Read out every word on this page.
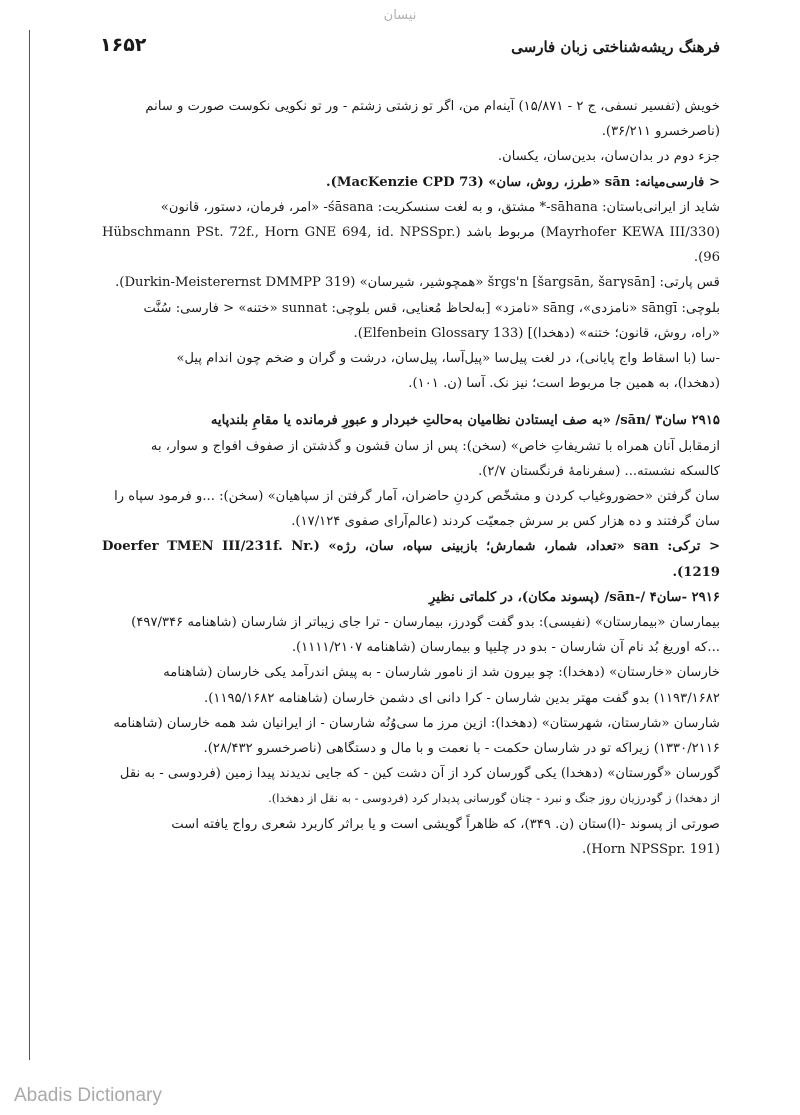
نیسان
فرهنگ ریشه‌شناختی زبان فارسی
۱۶۵۲
خویش (تفسیر نسفی، ج ۲ - ۱۵/۸۷۱) آینه‌ام من، اگر تو زشتی زشتم - ور تو نکویی نکوست صورت و سانم
(ناصرخسرو ۳۶/۲۱۱).
جزء دوم در بدان‌سان، بدین‌سان، یکسان.
< فارسی‌میانه: sān «طرز، روش، سان» (MacKenzie CPD 73).
شاید از ایرانی‌باستان: sāhana-* مشتق، و به لغت سنسکریت: śāsana- «امر، فرمان، دستور، قانون»
(Mayrhofer KEWA III/330) مربوط باشد (Hübschmann PSt. 72f., Horn GNE 694, id. NPSSpr. 96).
قس پارتی: šrgs'n [šargsān, šarγsān] «همچوشیر، شیرسان» (Durkin-Meisterernst DMMPP 319).
بلوچی: sāngī «نامزدی»، sāng «نامزد» [به‌لحاظ مُعنایی، قس بلوچی: sunnat «ختنه» < فارسی: سُنَّت
«راه، روش، قانون؛ ختنه» (دهخدا)] (Elfenbein Glossary 133).
-سا (با اسقاط واج پایانی)، در لغت پیل‌سا «پیل‌آسا، پیل‌سان، درشت و گران و ضخم چون اندام پیل»
(دهخدا)، به همین جا مربوط است؛ نیز نک. آسا (ن. ۱۰۱).
۲۹۱۵ سان۳ /sān/ «به صف ایستادن نظامیان به‌حالتِ خبردار و عبورِ فرمانده یا مقامِ بلندپایه
ازمقابل آنان همراه با تشریفاتِ خاص» (سخن): پس از سان قشون و گذشتن از صفوف افواج و سوار، به
کالسکه نشسته... (سفرنامهٔ فرنگستان ۲/۷).
سان گرفتن «حضوروغیاب کردن و مشخّص کردنِ حاضران، آمار گرفتن از سپاهیان» (سخن): ...و فرمود سپاه را
سان گرفتند و ده هزار کس بر سرش جمعیّت کردند (عالم‌آرای صفوی ۱۷/۱۲۴).
< ترکی: san «تعداد، شمار، شمارش؛ بازبینی سپاه، سان، رژه» (Doerfer TMEN III/231f. Nr. 1219).
۲۹۱۶ -سان۴ /-sān/ (پسوند مکان)، در کلماتی نظیرِ
بیمارسان «بیمارستان» (نفیسی): بدو گفت گودرز، بیمارسان - ترا جای زیباتر از شارسان (شاهنامه ۴۹۷/۳۴۶)
...که اوریغ بُد نام آن شارسان - بدو در چلیپا و بیمارسان (شاهنامه ۱۱۱۱/۲۱۰۷).
خارسان «خارستان» (دهخدا): چو بیرون شد از نامور شارسان - به پیش اندرآمد یکی خارسان (شاهنامه
۱۱۹۳/۱۶۸۲) بدو گفت مهتر بدین شارسان - کرا دانی ای دشمن خارسان (شاهنامه ۱۱۹۵/۱۶۸۲).
شارسان «شارستان، شهرستان» (دهخدا): ازین مرز ما سی‌وُنُه شارسان - از ایرانیان شد همه خارسان (شاهنامه
۱۳۳۰/۲۱۱۶) زیراکه تو در شارسان حکمت - با نعمت و با مال و دستگاهی (ناصرخسرو ۲۸/۴۳۲).
گورسان «گورستان» (دهخدا) یکی گورسان کرد از آن دشت کین - که جایی ندیدند پیدا زمین (فردوسی - به نقل
از دهخدا) ز گودرزیان روز جنگ و نبرد - چنان گورسانی پدیدار کرد (فردوسی - به نقل از دهخدا).
صورتی از پسوند -(ا)ستان (ن. ۳۴۹)، که ظاهراً گویشی است و یا براثر کاربرد شعری رواج یافته است
(Horn NPSSpr. 191).
Abadis Dictionary
